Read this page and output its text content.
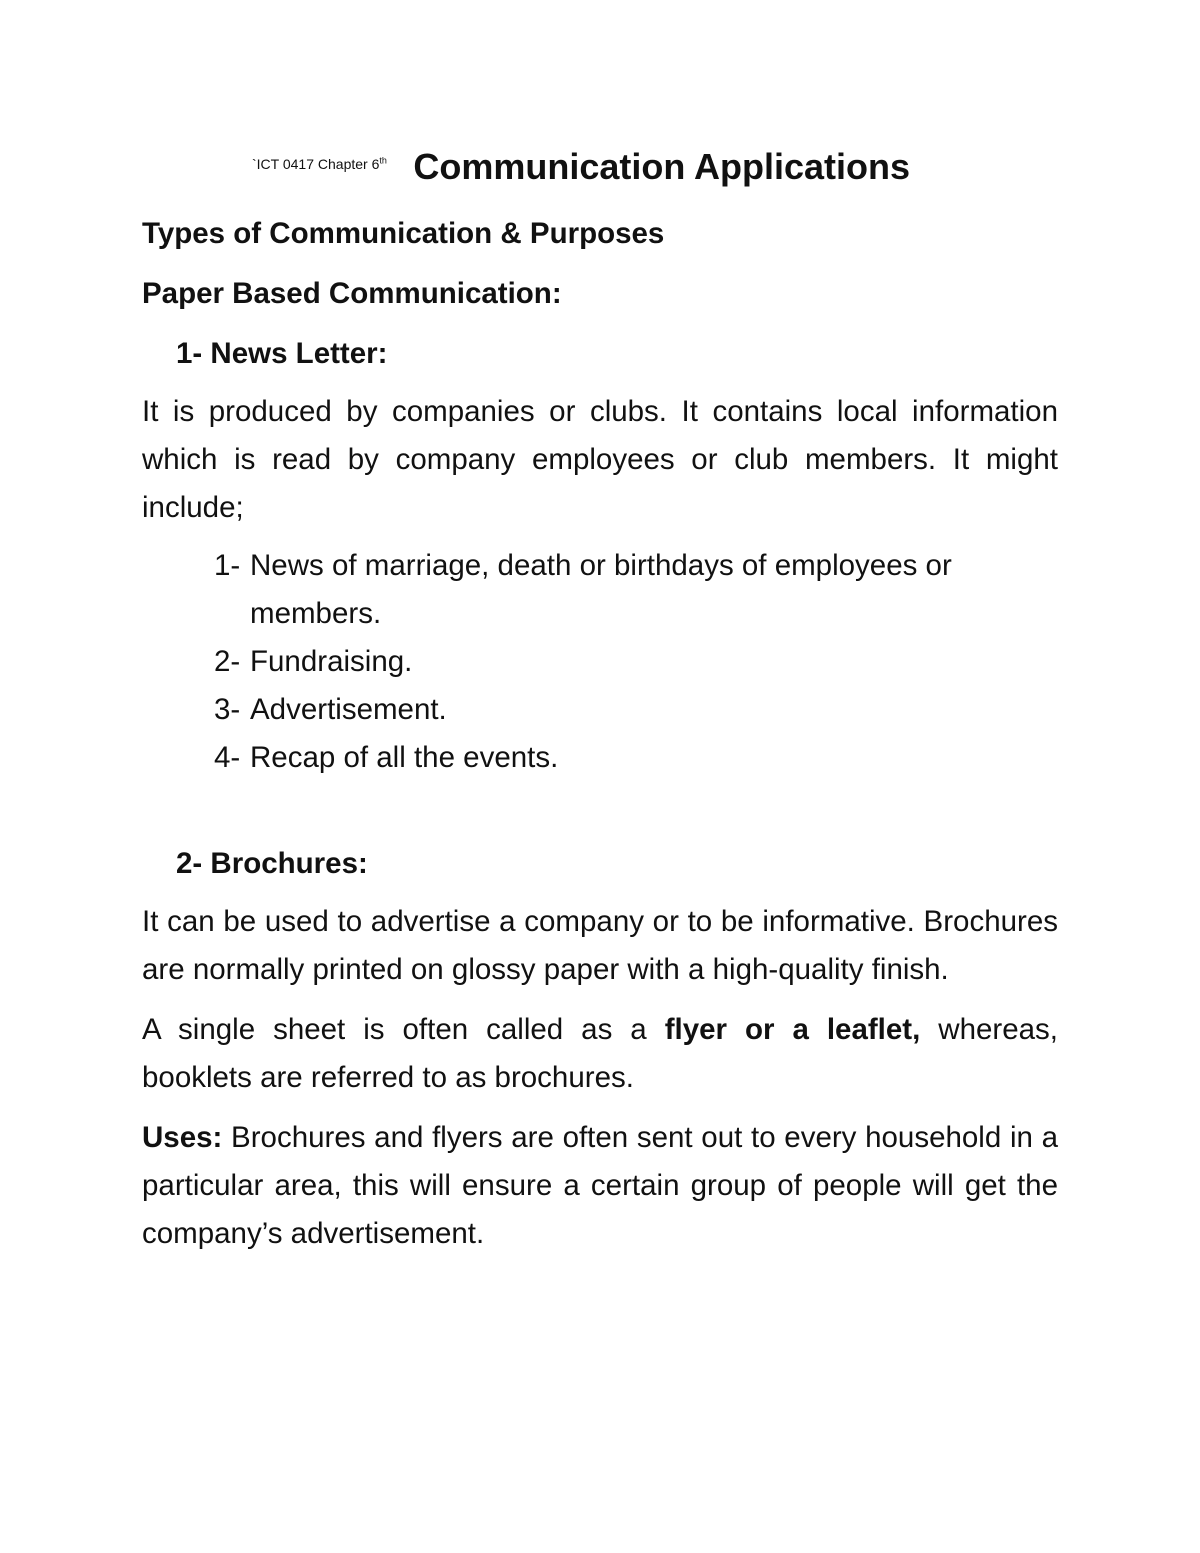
`ICT 0417 Chapter 6th Communication Applications

Types of Communication & Purposes

Paper Based Communication:

1- News Letter:

It is produced by companies or clubs. It contains local information which is read by company employees or club members. It might include;

1- News of marriage, death or birthdays of employees or members.
2- Fundraising.
3- Advertisement.
4- Recap of all the events.

2- Brochures:

It can be used to advertise a company or to be informative. Brochures are normally printed on glossy paper with a high-quality finish.

A single sheet is often called as a flyer or a leaflet, whereas, booklets are referred to as brochures.

Uses: Brochures and flyers are often sent out to every household in a particular area, this will ensure a certain group of people will get the company’s advertisement.
